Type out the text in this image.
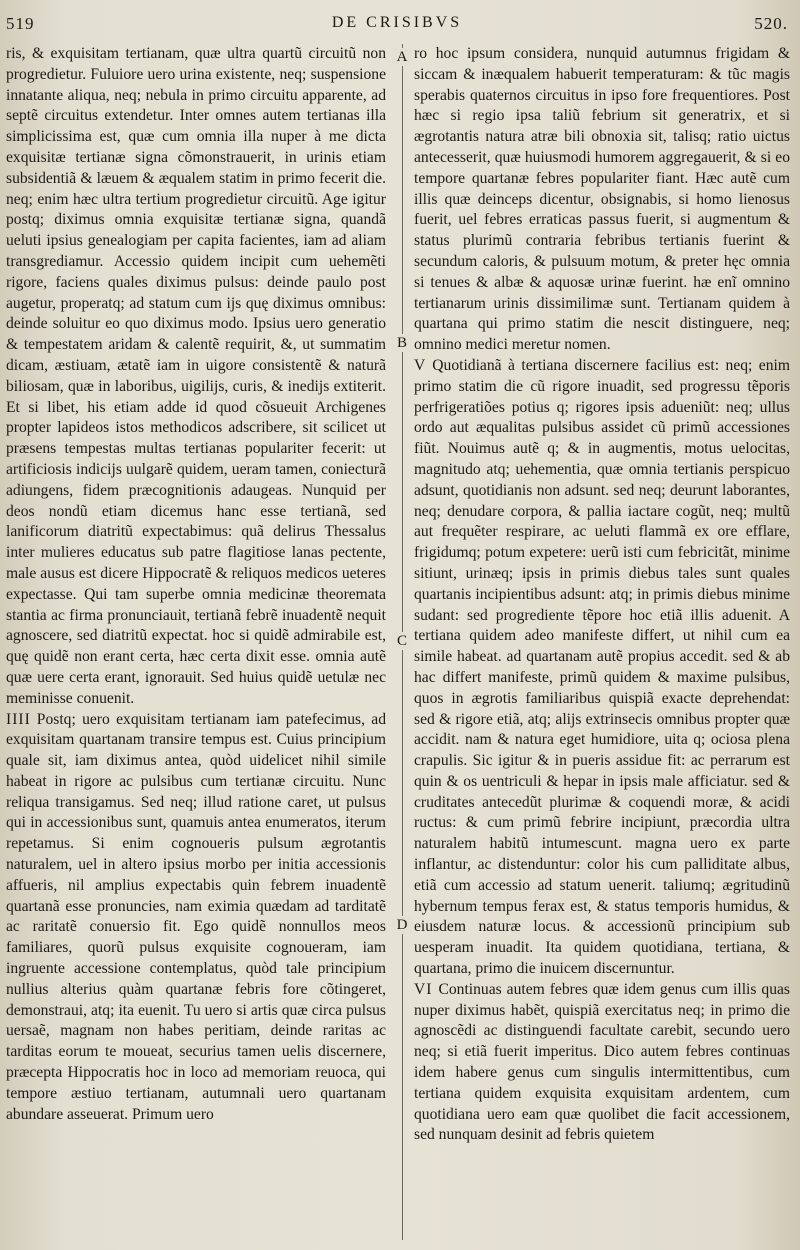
DE CRISIBVS
519	520.

ris, & exquisitam tertianam, quæ ultra quartũ circuitũ non progredietur. Fuluiore uero urina existente, neq; suspensione innatante aliqua, neq; nebula in primo circuitu apparente, ad septẽ circuitus extendetur. Inter omnes autem tertianas illa simplicissima est, quæ cum omnia illa nuper à me dicta exquisitæ tertianæ signa cõmonstrauerit, in urinis etiam subsidentiã & læuem & æqualem statim in primo fecerit die. neq; enim hæc ultra tertium progredietur circuitũ. Age igitur postq; diximus omnia exquisitæ tertianæ signa, quandã ueluti ipsius genealogiam per capita facientes, iam ad aliam transgrediamur. Accessio quidem incipit cum uehemẽti rigore, faciens quales diximus pulsus: deinde paulo post augetur, properatq; ad statum cum ijs quę diximus omnibus: deinde soluitur eo quo diximus modo. Ipsius uero generatio & tempestatem aridam & calentẽ requirit, &, ut summatim dicam, æstiuam, ætatẽ iam in uigore consistentẽ & naturã biliosam, quæ in laboribus, uigilijs, curis, & inedijs extiterit. Et si libet, his etiam adde id quod cõsueuit Archigenes propter lapideos istos methodicos adscribere, sit scilicet ut præsens tempestas multas tertianas populariter fecerit: ut artificiosis indicijs uulgarẽ quidem, ueram tamen, coniecturã adiungens, fidem præcognitionis adaugeas. Nunquid per deos nondũ etiam dicemus hanc esse tertianã, sed lanificorum diatritũ expectabimus: quã delirus Thessalus inter mulieres educatus sub patre flagitiose lanas pectente, male ausus est dicere Hippocratẽ & reliquos medicos ueteres expectasse. Qui tam superbe omnia medicinæ theoremata stantia ac firma pronunciauit, tertianã febrẽ inuadentẽ nequit agnoscere, sed diatritũ expectat. hoc si quidẽ admirabile est, quę quidẽ non erant certa, hæc certa dixit esse. omnia autẽ quæ uere certa erant, ignorauit. Sed huius quidẽ uetulæ nec meminisse conuenit.

IIII Postq; uero exquisitam tertianam iam patefecimus, ad exquisitam quartanam transire tempus est. Cuius principium quale sit, iam diximus antea, quòd uidelicet nihil simile habeat in rigore ac pulsibus cum tertianæ circuitu. Nunc reliqua transigamus. Sed neq; illud ratione caret, ut pulsus qui in accessionibus sunt, quamuis antea enumeratos, iterum repetamus. Si enim cognoueris pulsum ægrotantis naturalem, uel in altero ipsius morbo per initia accessionis affueris, nil amplius expectabis quin febrem inuadentẽ quartanã esse pronuncies, nam eximia quædam ad tarditatẽ ac raritatẽ conuersio fit. Ego quidẽ nonnullos meos familiares, quorũ pulsus exquisite cognoueram, iam ingruente accessione contemplatus, quòd tale principium nullius alterius quàm quartanæ febris fore cõtingeret, demonstraui, atq; ita euenit. Tu uero si artis quæ circa pulsus uersaẽ, magnam non habes peritiam, deinde raritas ac tarditas eorum te moueat, securius tamen uelis discernere, præcepta Hippocratis hoc in loco ad memoriam reuoca, qui tempore æstiuo tertianam, autumnali uero quartanam abundare asseuerat. Primum uero

A
B
C
D

ro hoc ipsum considera, nunquid autumnus frigidam & siccam & inæqualem habuerit temperaturam: & tũc magis sperabis quaternos circuitus in ipso fore frequentiores. Post hæc si regio ipsa taliũ febrium sit generatrix, et si ægrotantis natura atræ bili obnoxia sit, talisq; ratio uictus antecesserit, quæ huiusmodi humorem aggregauerit, & si eo tempore quartanæ febres populariter fiant. Hæc autẽ cum illis quæ deinceps dicentur, obsignabis, si homo lienosus fuerit, uel febres erraticas passus fuerit, si augmentum & status plurimũ contraria febribus tertianis fuerint & secundum caloris, & pulsuum motum, & preter hęc omnia si tenues & albæ & aquosæ urinæ fuerint. hæ enĩ omnino tertianarum urinis dissimilimæ sunt. Tertianam quidem à quartana qui primo statim die nescit distinguere, neq; omnino medici meretur nomen.

V Quotidianã à tertiana discernere facilius est: neq; enim primo statim die cũ rigore inuadit, sed progressu tẽporis perfrigeratiões potius q; rigores ipsis adueniũt: neq; ullus ordo aut æqualitas pulsibus assidet cũ primũ accessiones fiũt. Nouimus autẽ q; & in augmentis, motus uelocitas, magnitudo atq; uehementia, quæ omnia tertianis perspicuo adsunt, quotidianis non adsunt. sed neq; deurunt laborantes, neq; denudare corpora, & pallia iactare cogũt, neq; multũ aut frequẽter respirare, ac ueluti flammã ex ore efflare, frigidumq; potum expetere: uerũ isti cum febricitãt, minime sitiunt, urinæq; ipsis in primis diebus tales sunt quales quartanis incipientibus adsunt: atq; in primis diebus minime sudant: sed progrediente tẽpore hoc etiã illis aduenit. A tertiana quidem adeo manifeste differt, ut nihil cum ea simile habeat. ad quartanam autẽ propius accedit. sed & ab hac differt manifeste, primũ quidem & maxime pulsibus, quos in ægrotis familiaribus quispiã exacte deprehendat: sed & rigore etiã, atq; alijs extrinsecis omnibus propter quæ accidit. nam & natura eget humidiore, uita q; ociosa plena crapulis. Sic igitur & in pueris assidue fit: ac perrarum est quin & os uentriculi & hepar in ipsis male afficiatur. sed & cruditates antecedũt plurimæ & coquendi moræ, & acidi ructus: & cum primũ febrire incipiunt, præcordia ultra naturalem habitũ intumescunt. magna uero ex parte inflantur, ac distenduntur: color his cum palliditate albus, etiã cum accessio ad statum uenerit. taliumq; ægritudinũ hybernum tempus ferax est, & status temporis humidus, & eiusdem naturæ locus. & accessionũ principium sub uesperam inuadit. Ita quidem quotidiana, tertiana, & quartana, primo die inuicem discernuntur.

VI Continuas autem febres quæ idem genus cum illis quas nuper diximus habẽt, quispiã exercitatus neq; in primo die agnoscẽdi ac distinguendi facultate carebit, secundo uero neq; si etiã fuerit imperitus. Dico autem febres continuas idem habere genus cum singulis intermittentibus, cum tertiana quidem exquisita exquisitam ardentem, cum quotidiana uero eam quæ quolibet die facit accessionem, sed nunquam desinit ad febris quietem
